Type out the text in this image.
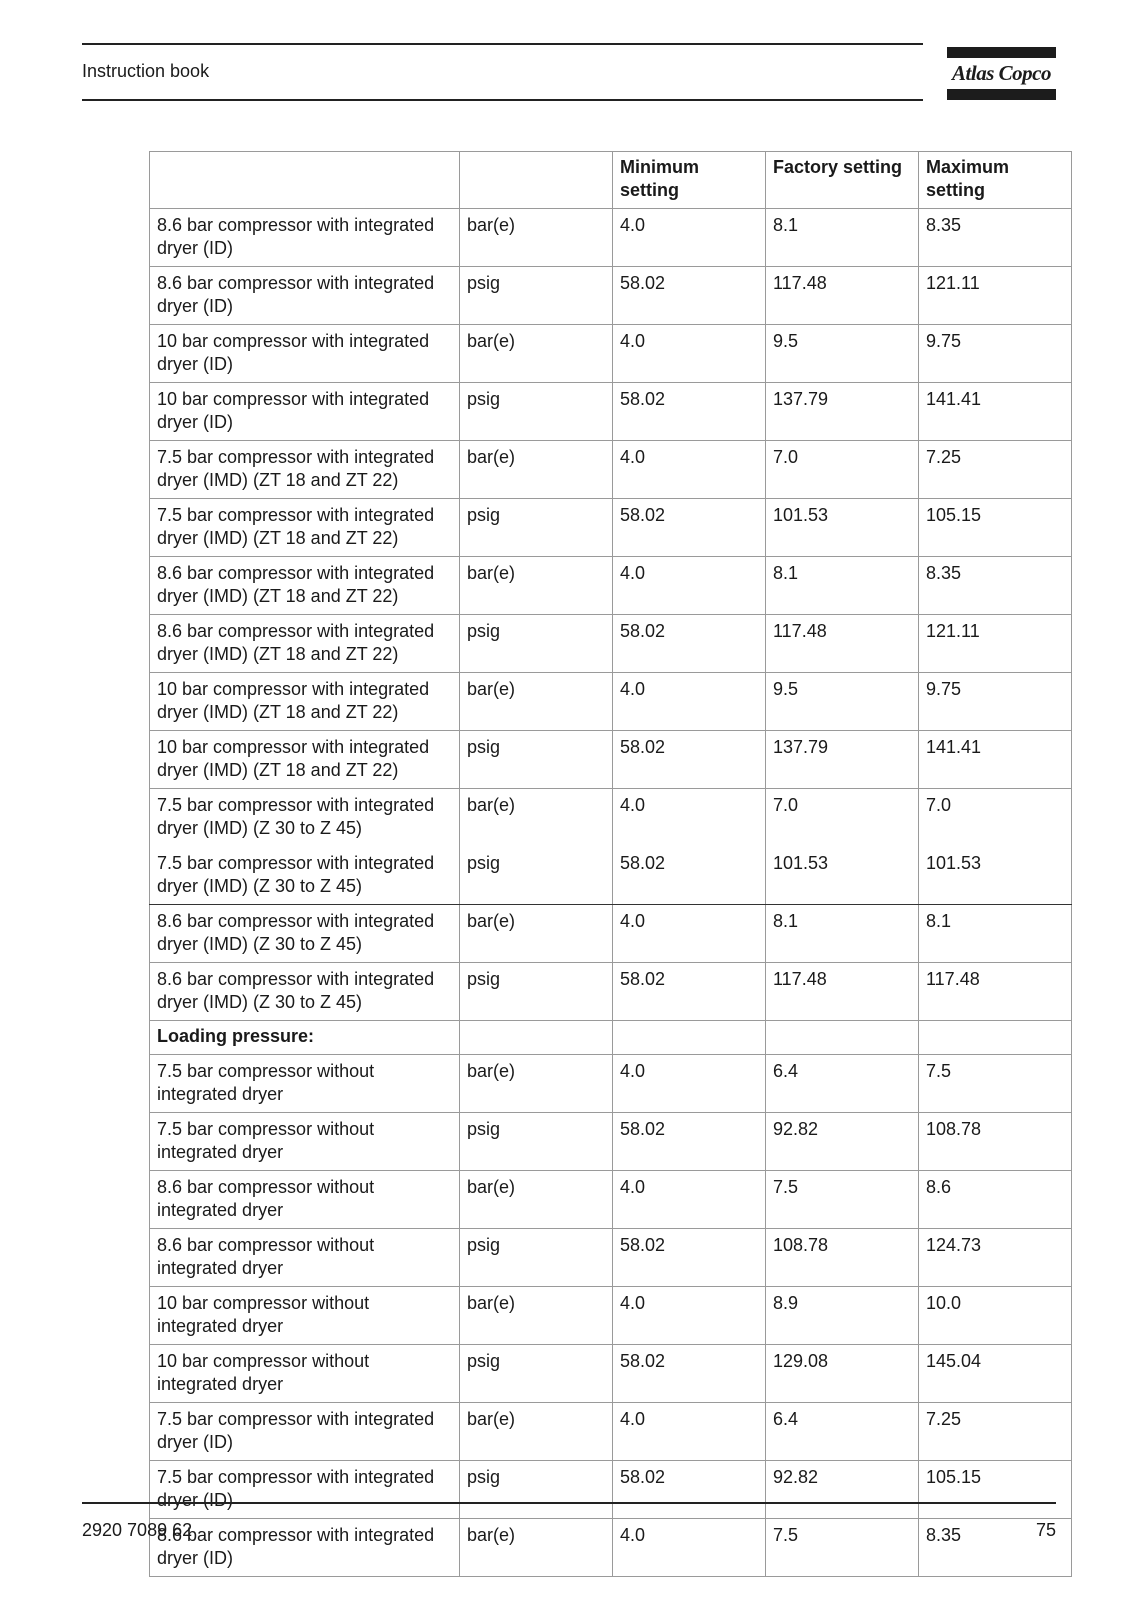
Instruction book	Atlas Copco
		Minimum setting	Factory setting	Maximum setting
8.6 bar compressor with integrated dryer (ID)	bar(e)	4.0	8.1	8.35
8.6 bar compressor with integrated dryer (ID)	psig	58.02	117.48	121.11
10 bar compressor with integrated dryer (ID)	bar(e)	4.0	9.5	9.75
10 bar compressor with integrated dryer (ID)	psig	58.02	137.79	141.41
7.5 bar compressor with integrated dryer (IMD) (ZT 18 and ZT 22)	bar(e)	4.0	7.0	7.25
7.5 bar compressor with integrated dryer (IMD) (ZT 18 and ZT 22)	psig	58.02	101.53	105.15
8.6 bar compressor with integrated dryer (IMD) (ZT 18 and ZT 22)	bar(e)	4.0	8.1	8.35
8.6 bar compressor with integrated dryer (IMD) (ZT 18 and ZT 22)	psig	58.02	117.48	121.11
10 bar compressor with integrated dryer (IMD) (ZT 18 and ZT 22)	bar(e)	4.0	9.5	9.75
10 bar compressor with integrated dryer (IMD) (ZT 18 and ZT 22)	psig	58.02	137.79	141.41
7.5 bar compressor with integrated dryer (IMD) (Z 30 to Z 45)	bar(e)	4.0	7.0	7.0
7.5 bar compressor with integrated dryer (IMD) (Z 30 to Z 45)	psig	58.02	101.53	101.53
8.6 bar compressor with integrated dryer (IMD) (Z 30 to Z 45)	bar(e)	4.0	8.1	8.1
8.6 bar compressor with integrated dryer (IMD) (Z 30 to Z 45)	psig	58.02	117.48	117.48
Loading pressure:				
7.5 bar compressor without integrated dryer	bar(e)	4.0	6.4	7.5
7.5 bar compressor without integrated dryer	psig	58.02	92.82	108.78
8.6 bar compressor without integrated dryer	bar(e)	4.0	7.5	8.6
8.6 bar compressor without integrated dryer	psig	58.02	108.78	124.73
10 bar compressor without integrated dryer	bar(e)	4.0	8.9	10.0
10 bar compressor without integrated dryer	psig	58.02	129.08	145.04
7.5 bar compressor with integrated dryer (ID)	bar(e)	4.0	6.4	7.25
7.5 bar compressor with integrated dryer (ID)	psig	58.02	92.82	105.15
8.6 bar compressor with integrated dryer (ID)	bar(e)	4.0	7.5	8.35
2920 7089 62	75
